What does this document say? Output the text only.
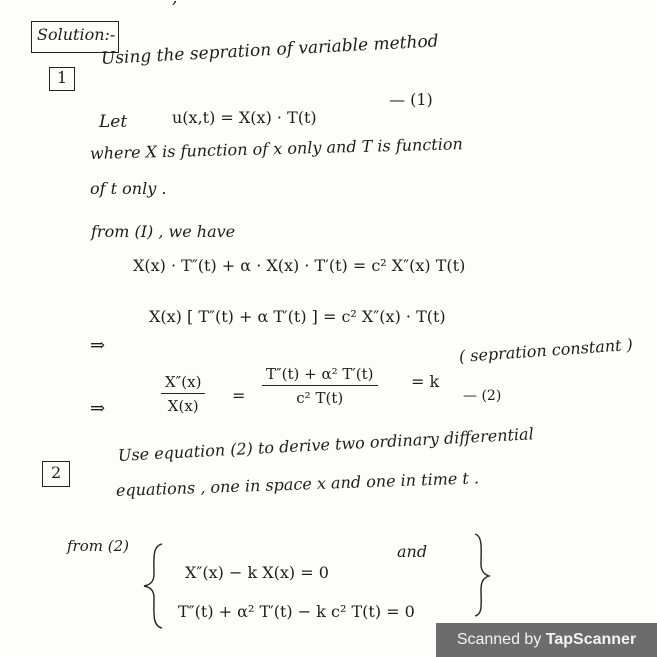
Solution:-
1
Using the sepration of variable method
Let	u(x,t) = X(x) · T(t)
— (1)
where X is function of x only and T is function
of t only .
from (I) , we have
X(x) · T″(t) + α · X(x) · T′(t) = c² X″(x) T(t)
⇒
X(x) [ T″(t) + α T′(t) ] = c² X″(x) · T(t)
⇒
X″(x)
X(x)
=
T″(t) + α² T′(t)
c² T(t)
= k
( sepration constant )
— (2)
2
Use equation (2) to derive two ordinary differential
equations , one in space x and one in time t .
from (2)
X″(x) − k X(x) = 0
and
T″(t) + α² T′(t) − k c² T(t) = 0
Scanned by TapScanner
